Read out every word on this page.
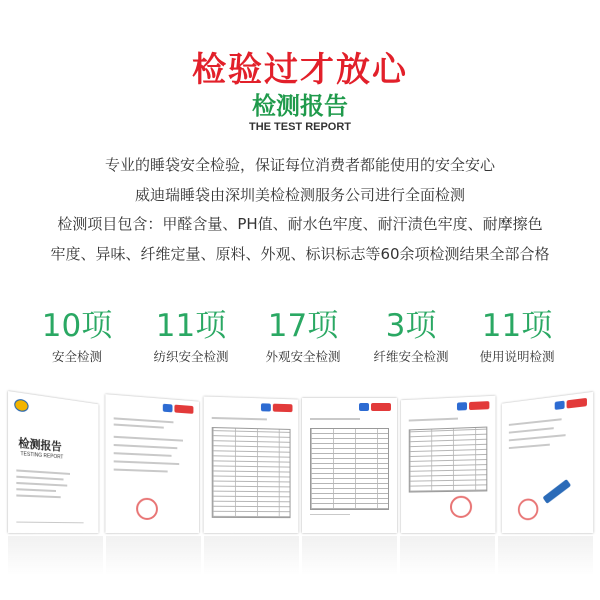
检验过才放心
检测报告
THE TEST REPORT
专业的睡袋安全检验，保证每位消费者都能使用的安全安心
威迪瑞睡袋由深圳美检检测服务公司进行全面检测
检测项目包含：甲醛含量、PH值、耐水色牢度、耐汗渍色牢度、耐摩擦色
牢度、异味、纤维定量、原料、外观、标识标志等60余项检测结果全部合格
10项
安全检测
11项
纺织安全检测
17项
外观安全检测
3项
纤维安全检测
11项
使用说明检测
检测报告
TESTING REPORT
